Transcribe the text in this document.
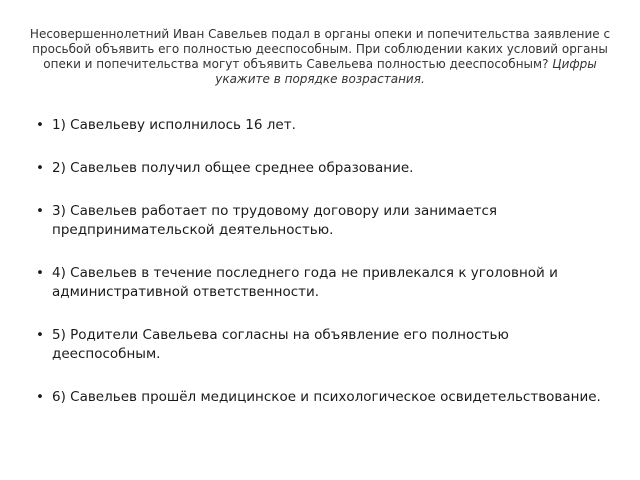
Несовершеннолетний Иван Савельев подал в органы опеки и попечительства заявление с просьбой объявить его полностью дееспособным. При соблюдении каких условий органы опеки и попечительства могут объявить Савельева полностью дееспособным? Цифры укажите в порядке возрастания.
• 1) Савельеву исполнилось 16 лет.
• 2) Савельев получил общее среднее образование.
• 3) Савельев работает по трудовому договору или занимается предпринимательской деятельностью.
• 4) Савельев в течение последнего года не привлекался к уголовной и административной ответственности.
• 5) Родители Савельева согласны на объявление его полностью дееспособным.
• 6) Савельев прошёл медицинское и психологическое освидетельствование.
